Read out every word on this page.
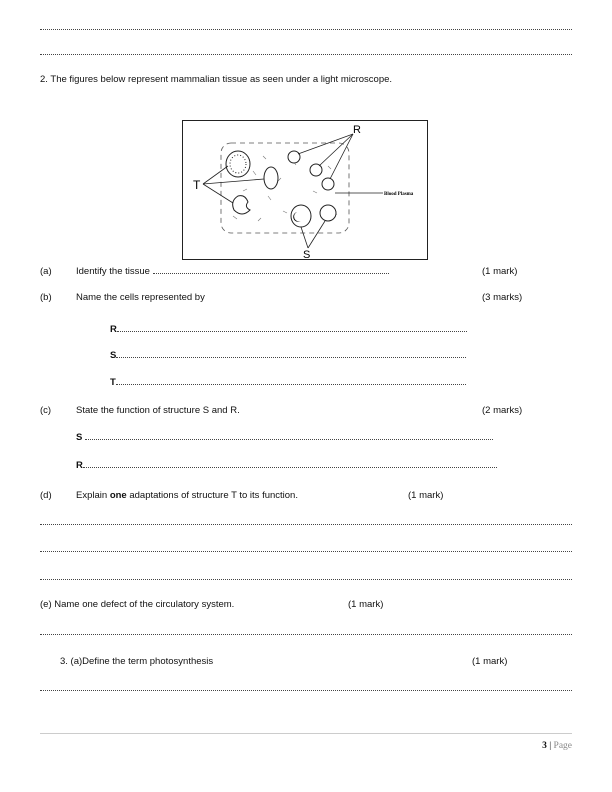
2. The figures below represent mammalian tissue as seen under a light microscope.
T
R
S
Blood Plasma
(a)	Identify the tissue	(1 mark)
(b)	Name the cells represented by	(3 marks)
R
S
T
(c)	State the function of structure S and R.	(2 marks)
S
R
(d)	Explain one adaptations of structure T to its function.	(1 mark)
(e) Name one defect of the circulatory system.	(1 mark)
3. (a)Define the term photosynthesis	(1 mark)
3 | Page
